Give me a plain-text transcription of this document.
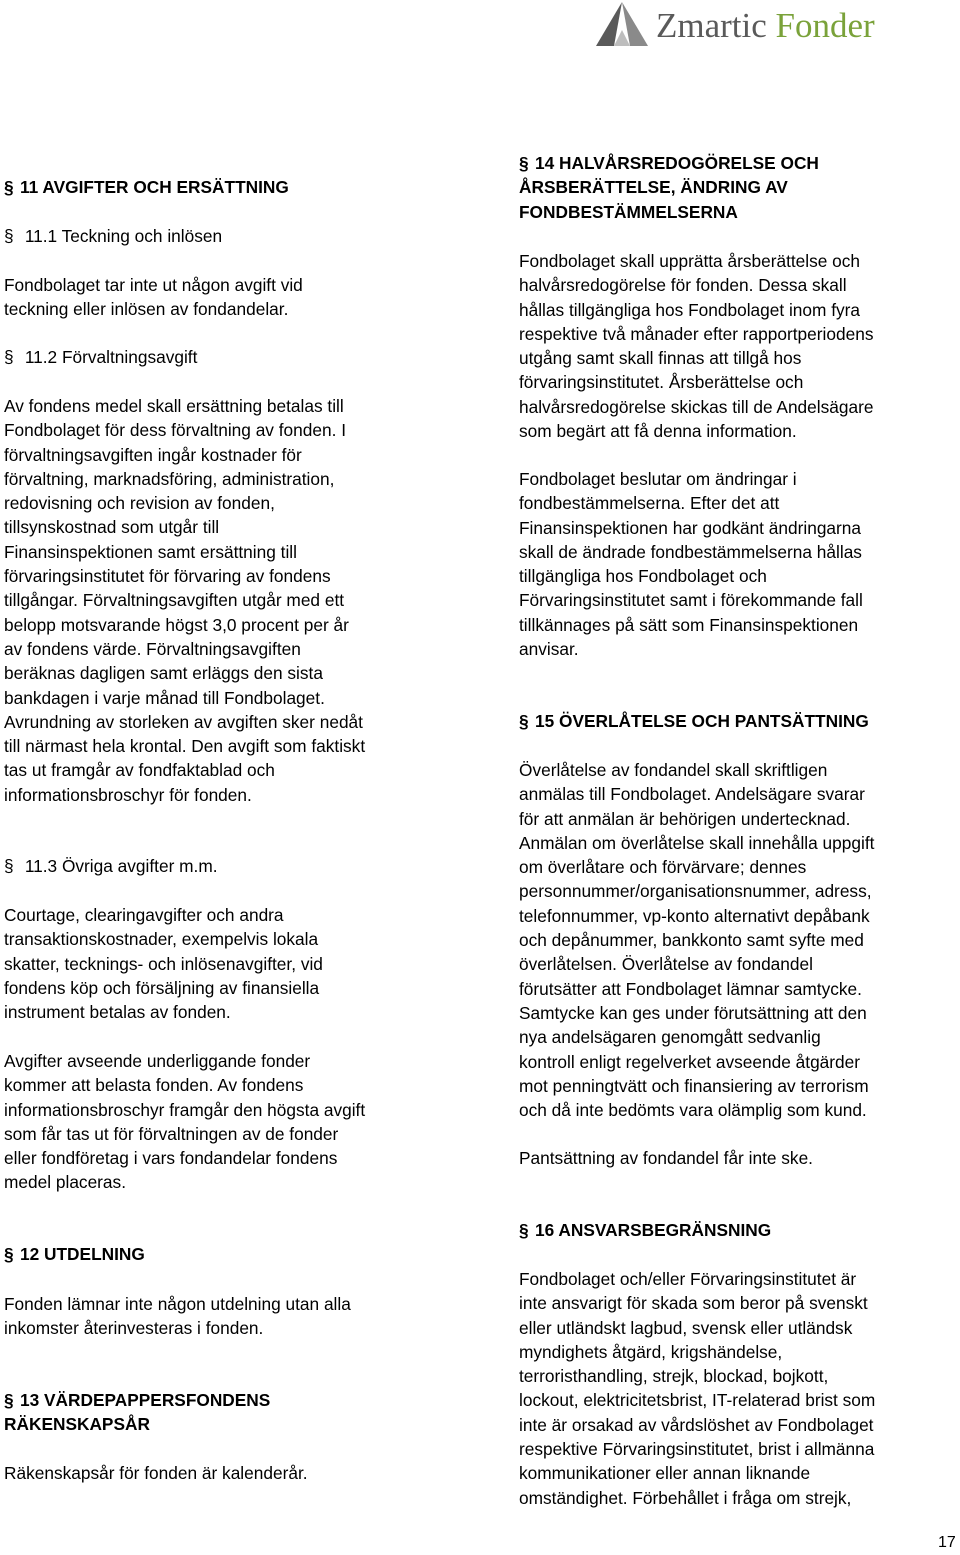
Zmartic Fonder
§ 11 AVGIFTER OCH ERSÄTTNING
§ 11.1 Teckning och inlösen

Fondbolaget tar inte ut någon avgift vid
teckning eller inlösen av fondandelar.

§ 11.2 Förvaltningsavgift

Av fondens medel skall ersättning betalas till
Fondbolaget för dess förvaltning av fonden. I
förvaltningsavgiften ingår kostnader för
förvaltning, marknadsföring, administration,
redovisning och revision av fonden,
tillsynskostnad som utgår till
Finansinspektionen samt ersättning till
förvaringsinstitutet för förvaring av fondens
tillgångar. Förvaltningsavgiften utgår med ett
belopp motsvarande högst 3,0 procent per år
av fondens värde. Förvaltningsavgiften
beräknas dagligen samt erläggs den sista
bankdagen i varje månad till Fondbolaget.
Avrundning av storleken av avgiften sker nedåt
till närmast hela krontal. Den avgift som faktiskt
tas ut framgår av fondfaktablad och
informationsbroschyr för fonden.

§ 11.3 Övriga avgifter m.m.

Courtage, clearingavgifter och andra
transaktionskostnader, exempelvis lokala
skatter, tecknings- och inlösenavgifter, vid
fondens köp och försäljning av finansiella
instrument betalas av fonden.

Avgifter avseende underliggande fonder
kommer att belasta fonden. Av fondens
informationsbroschyr framgår den högsta avgift
som får tas ut för förvaltningen av de fonder
eller fondföretag i vars fondandelar fondens
medel placeras.

§ 12 UTDELNING

Fonden lämnar inte någon utdelning utan alla
inkomster återinvesteras i fonden.

§ 13 VÄRDEPAPPERSFONDENS
RÄKENSKAPSÅR

Räkenskapsår för fonden är kalenderår.

§ 14 HALVÅRSREDOGÖRELSE OCH
ÅRSBERÄTTELSE, ÄNDRING AV
FONDBESTÄMMELSERNA

Fondbolaget skall upprätta årsberättelse och
halvårsredogörelse för fonden. Dessa skall
hållas tillgängliga hos Fondbolaget inom fyra
respektive två månader efter rapportperiodens
utgång samt skall finnas att tillgå hos
förvaringsinstitutet. Årsberättelse och
halvårsredogörelse skickas till de Andelsägare
som begärt att få denna information.

Fondbolaget beslutar om ändringar i
fondbestämmelserna. Efter det att
Finansinspektionen har godkänt ändringarna
skall de ändrade fondbestämmelserna hållas
tillgängliga hos Fondbolaget och
Förvaringsinstitutet samt i förekommande fall
tillkännages på sätt som Finansinspektionen
anvisar.

§ 15 ÖVERLÅTELSE OCH PANTSÄTTNING

Överlåtelse av fondandel skall skriftligen
anmälas till Fondbolaget. Andelsägare svarar
för att anmälan är behörigen undertecknad.
Anmälan om överlåtelse skall innehålla uppgift
om överlåtare och förvärvare; dennes
personnummer/organisationsnummer, adress,
telefonnummer, vp-konto alternativt depåbank
och depånummer, bankkonto samt syfte med
överlåtelsen. Överlåtelse av fondandel
förutsätter att Fondbolaget lämnar samtycke.
Samtycke kan ges under förutsättning att den
nya andelsägaren genomgått sedvanlig
kontroll enligt regelverket avseende åtgärder
mot penningtvätt och finansiering av terrorism
och då inte bedömts vara olämplig som kund.

Pantsättning av fondandel får inte ske.

§ 16 ANSVARSBEGRÄNSNING

Fondbolaget och/eller Förvaringsinstitutet är
inte ansvarigt för skada som beror på svenskt
eller utländskt lagbud, svensk eller utländsk
myndighets åtgärd, krigshändelse,
terroristhandling, strejk, blockad, bojkott,
lockout, elektricitetsbrist, IT-relaterad brist som
inte är orsakad av vårdslöshet av Fondbolaget
respektive Förvaringsinstitutet, brist i allmänna
kommunikationer eller annan liknande
omständighet. Förbehållet i fråga om strejk,

17
